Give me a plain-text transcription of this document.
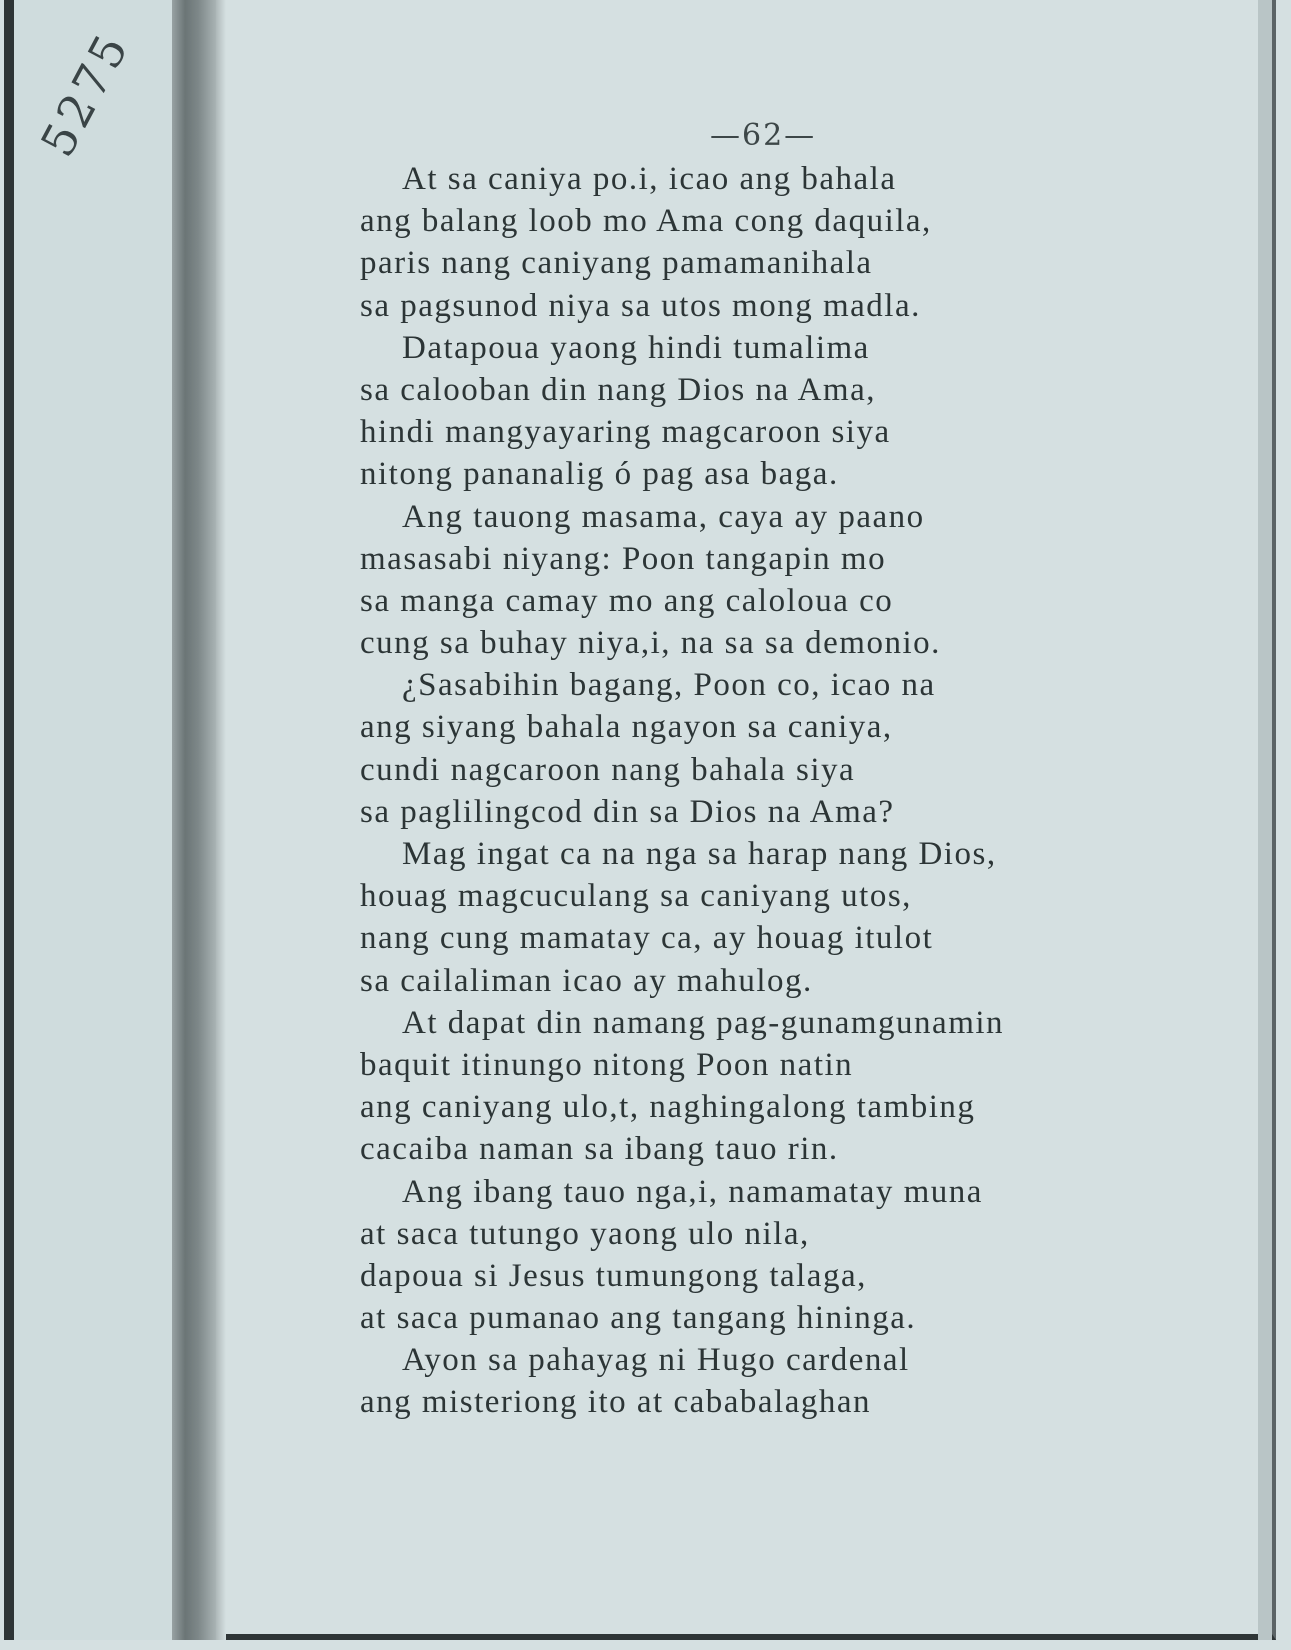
5275	—62—
At sa caniya po.i, icao ang bahala
ang balang loob mo Ama cong daquila,
paris nang caniyang pamamanihala
sa pagsunod niya sa utos mong madla.
Datapoua yaong hindi tumalima
sa calooban din nang Dios na Ama,
hindi mangyayaring magcaroon siya
nitong pananalig ó pag asa baga.
Ang tauong masama, caya ay paano
masasabi niyang: Poon tangapin mo
sa manga camay mo ang caloloua co
cung sa buhay niya,i, na sa sa demonio.
¿Sasabihin bagang, Poon co, icao na
ang siyang bahala ngayon sa caniya,
cundi nagcaroon nang bahala siya
sa paglilingcod din sa Dios na Ama?
Mag ingat ca na nga sa harap nang Dios,
houag magcuculang sa caniyang utos,
nang cung mamatay ca, ay houag itulot
sa cailaliman icao ay mahulog.
At dapat din namang pag-gunamgunamin
baquit itinungo nitong Poon natin
ang caniyang ulo,t, naghingalong tambing
cacaiba naman sa ibang tauo rin.
Ang ibang tauo nga,i, namamatay muna
at saca tutungo yaong ulo nila,
dapoua si Jesus tumungong talaga,
at saca pumanao ang tangang hininga.
Ayon sa pahayag ni Hugo cardenal
ang misteriong ito at cababalaghan
